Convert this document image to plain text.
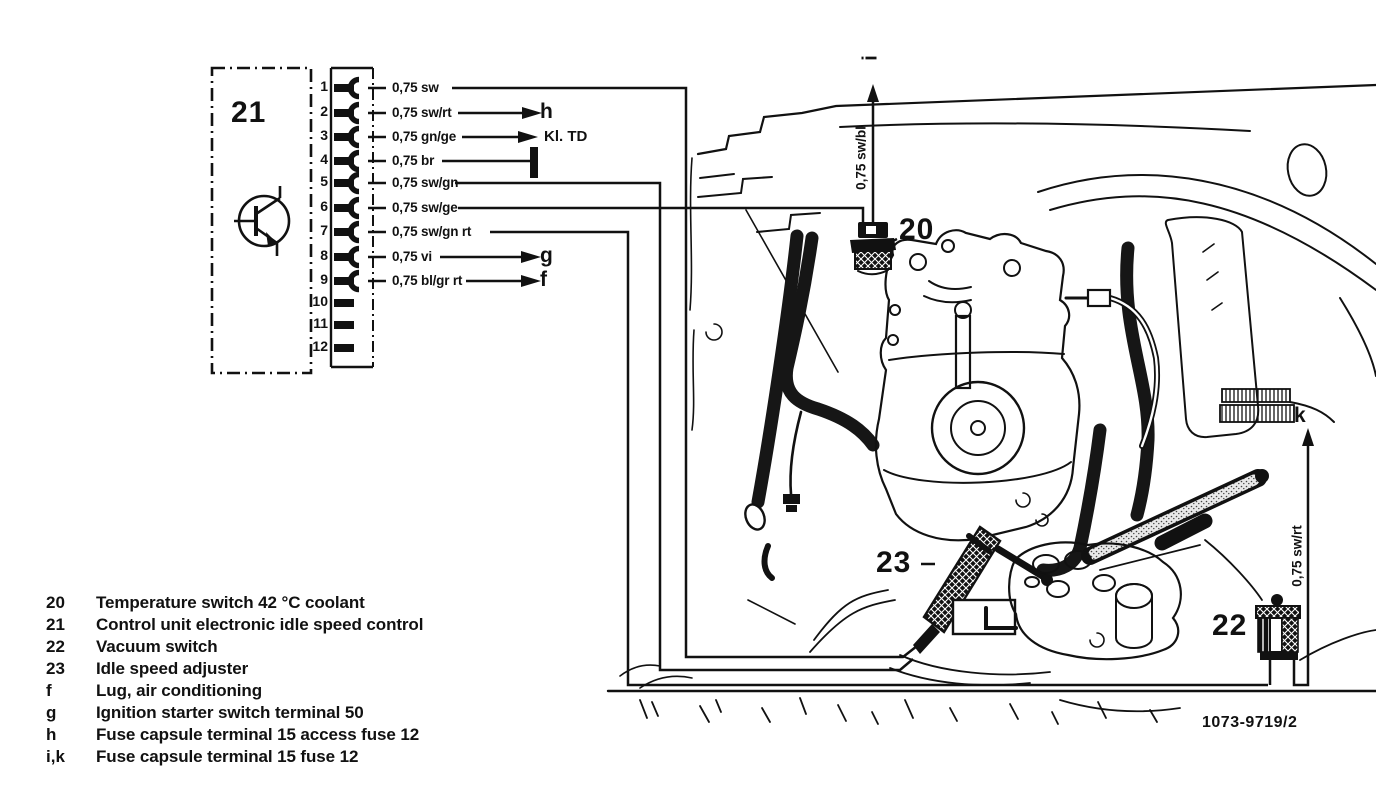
21
20
22
23
1
2
3
4
5
6
7
8
9
10
11
12
0,75 sw
0,75 sw/rt
0,75 gn/ge
0,75 br
0,75 sw/gn
0,75 sw/ge
0,75 sw/gn rt
0,75 vi
0,75 bl/gr rt
h
Kl. TD
g
f
i
0,75 sw/bl
k
0,75 sw/rt
20	Temperature switch 42 °C coolant
21	Control unit electronic idle speed control
22	Vacuum switch
23	Idle speed adjuster
f	Lug, air conditioning
g	Ignition starter switch terminal 50
h	Fuse capsule terminal 15 access fuse 12
i,k	Fuse capsule terminal 15 fuse 12
1073-9719/2
